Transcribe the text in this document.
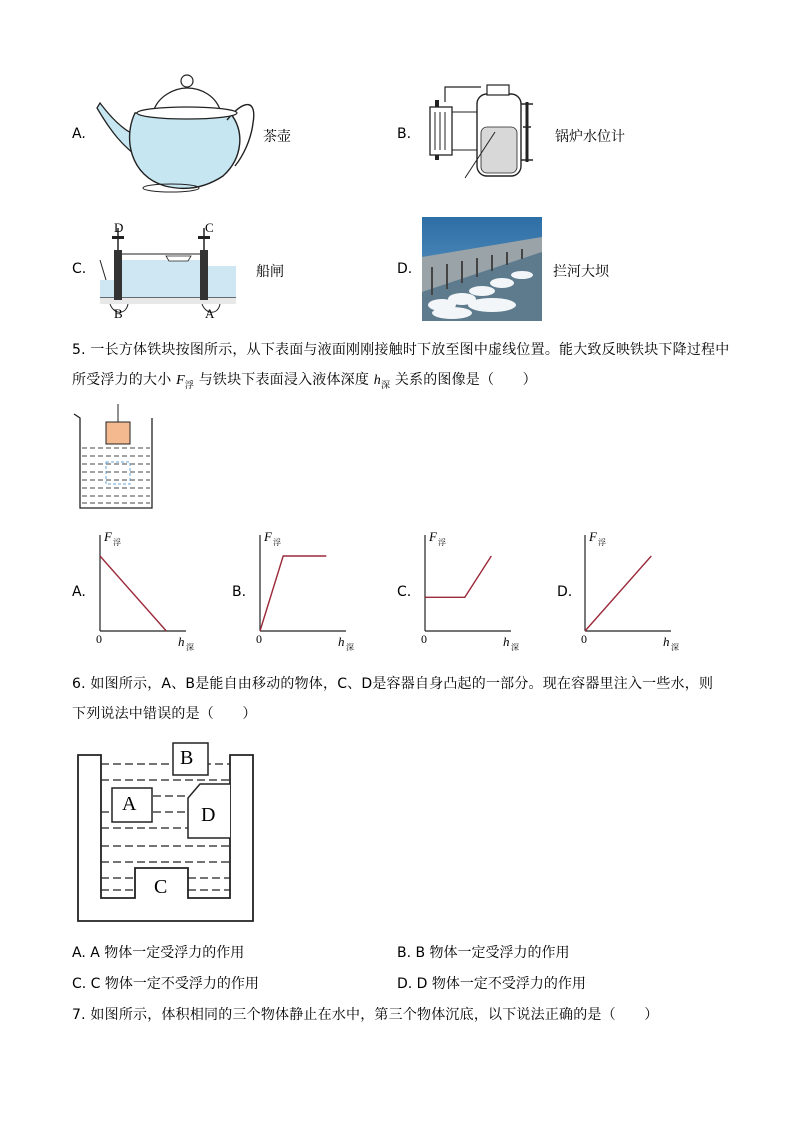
A.	茶壶	B.	锅炉水位计
C.
D	C
B	A
船闸	D.	拦河大坝
5. 一长方体铁块按图所示，从下表面与液面刚刚接触时下放至图中虚线位置。能大致反映铁块下降过程中
所受浮力的大小 $F_浮$ 与铁块下表面浸入液体深度 $h_深$ 关系的图像是（　　）
A.
F 浮
h 深
0
B.
F 浮
h 深
0
C.
F 浮
h 深
0
D.
F 浮
h 深
0
6. 如图所示，A、B是能自由移动的物体，C、D是容器自身凸起的一部分。现在容器里注入一些水，则
下列说法中错误的是（　　）
B
A	D
C
A. A 物体一定受浮力的作用	B. B 物体一定受浮力的作用
C. C 物体一定不受浮力的作用	D. D 物体一定不受浮力的作用
7. 如图所示，体积相同的三个物体静止在水中，第三个物体沉底，以下说法正确的是（　　）
